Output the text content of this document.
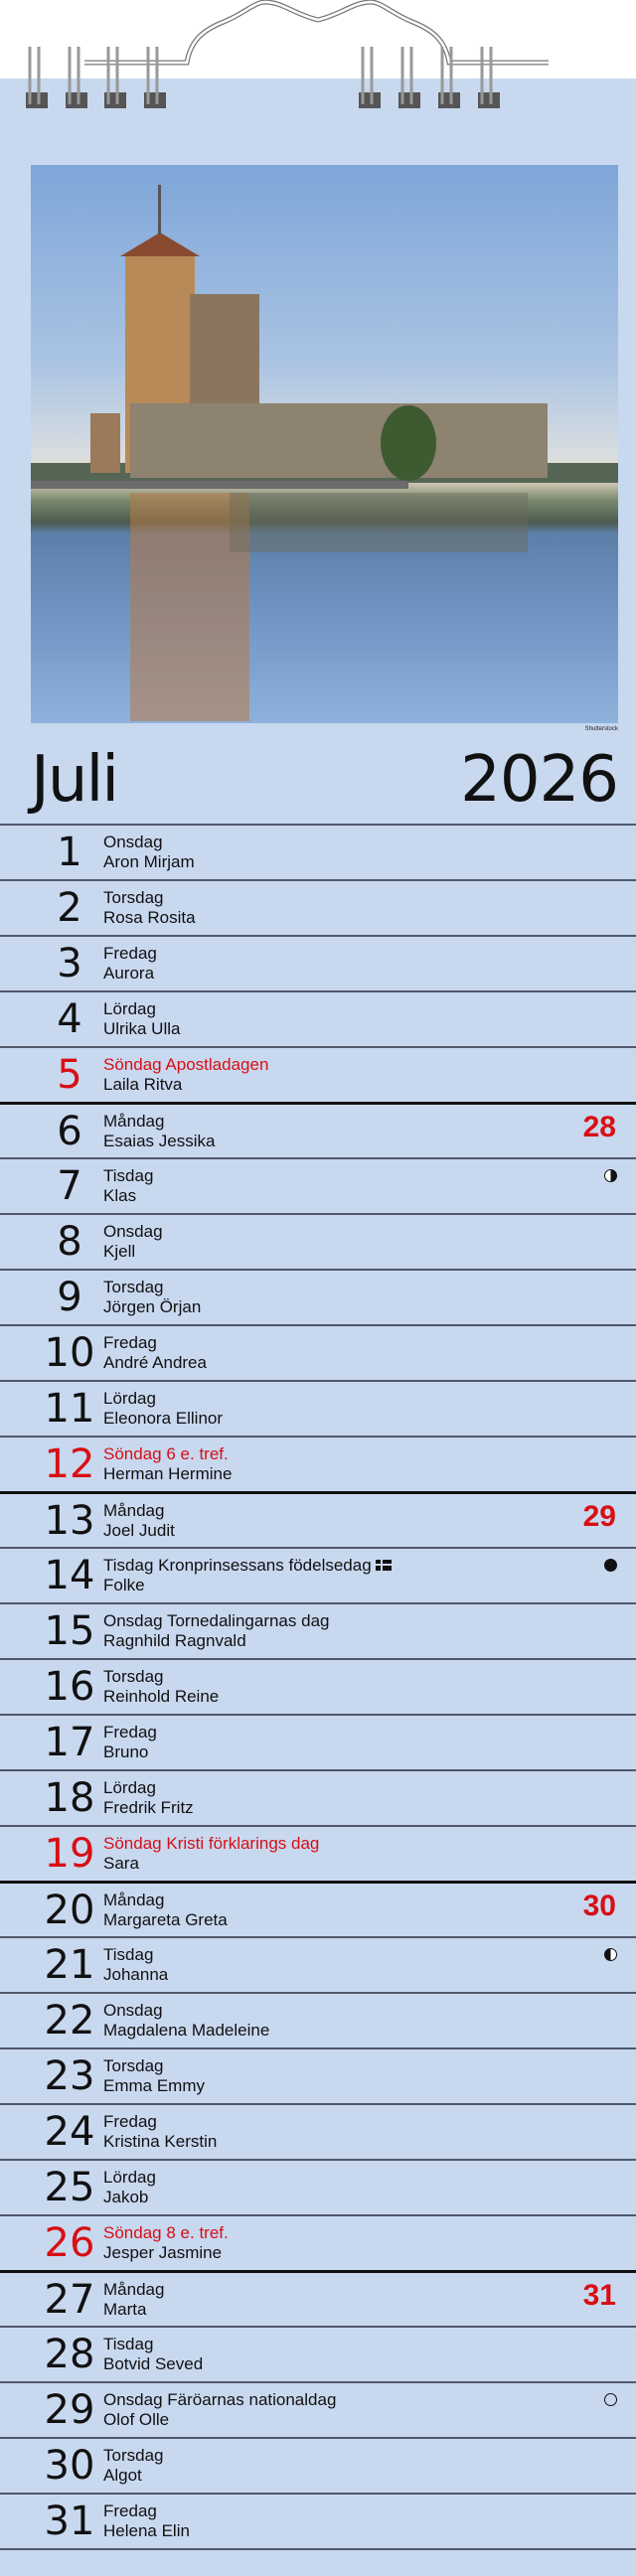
Shutterstock
Juli	2026
1	Onsdag
Aron Mirjam
2	Torsdag
Rosa Rosita
3	Fredag
Aurora
4	Lördag
Ulrika Ulla
5	Söndag Apostladagen
Laila Ritva
6	Måndag
Esaias Jessika	28
7	Tisdag
Klas
8	Onsdag
Kjell
9	Torsdag
Jörgen Örjan
10 Fredag
André Andrea
11 Lördag
Eleonora Ellinor
12 Söndag 6 e. tref.
Herman Hermine
13 Måndag
Joel Judit	29
14 Tisdag Kronprinsessans födelsedag
Folke
15 Onsdag Tornedalingarnas dag
Ragnhild Ragnvald
16 Torsdag
Reinhold Reine
17 Fredag
Bruno
18 Lördag
Fredrik Fritz
19 Söndag Kristi förklarings dag
Sara
20 Måndag
Margareta Greta	30
21 Tisdag
Johanna
22 Onsdag
Magdalena Madeleine
23 Torsdag
Emma Emmy
24 Fredag
Kristina Kerstin
25 Lördag
Jakob
26 Söndag 8 e. tref.
Jesper Jasmine
27 Måndag
Marta	31
28 Tisdag
Botvid Seved
29 Onsdag Färöarnas nationaldag
Olof Olle
30 Torsdag
Algot
31 Fredag
Helena Elin
